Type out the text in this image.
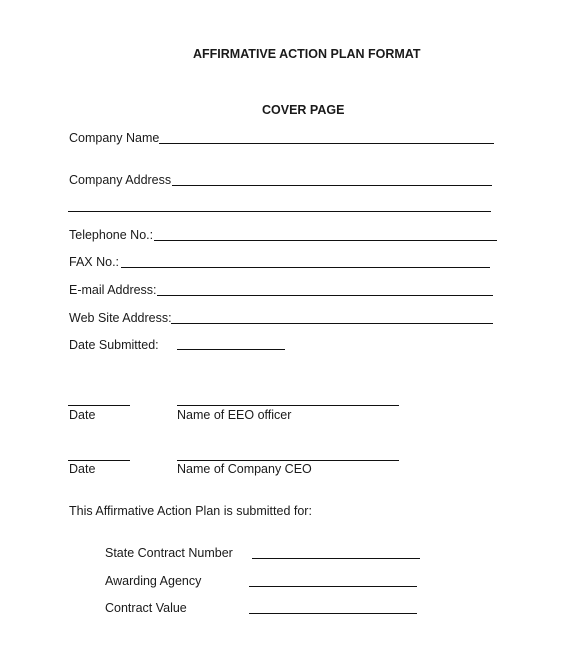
AFFIRMATIVE ACTION PLAN FORMAT
COVER PAGE
Company Name
Company Address
Telephone No.:
FAX No.:
E-mail Address:
Web Site Address:
Date Submitted:
Date	Name of EEO officer
Date	Name of Company CEO
This Affirmative Action Plan is submitted for:
State Contract Number
Awarding Agency
Contract Value
